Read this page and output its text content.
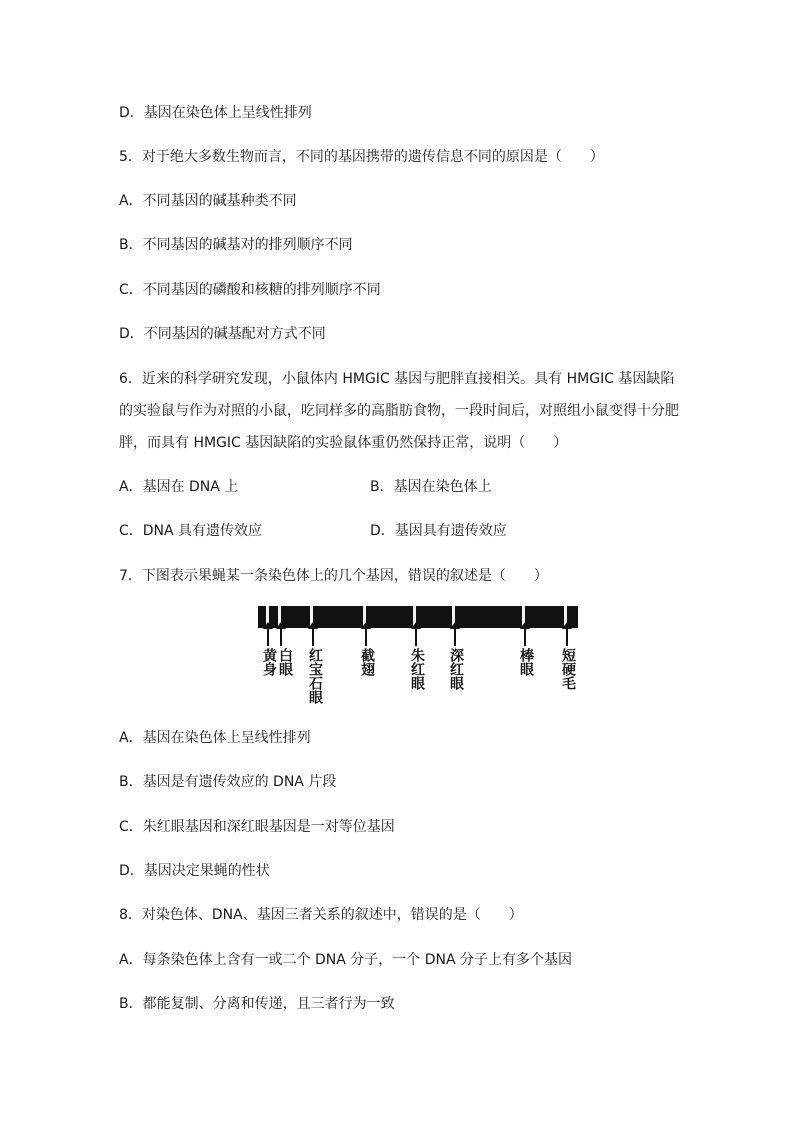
D．基因在染色体上呈线性排列
5．对于绝大多数生物而言，不同的基因携带的遗传信息不同的原因是（　　）
A．不同基因的碱基种类不同
B．不同基因的碱基对的排列顺序不同
C．不同基因的磷酸和核糖的排列顺序不同
D．不同基因的碱基配对方式不同
6．近来的科学研究发现，小鼠体内 HMGIC 基因与肥胖直接相关。具有 HMGIC 基因缺陷
的实验鼠与作为对照的小鼠，吃同样多的高脂肪食物，一段时间后，对照组小鼠变得十分肥
胖，而具有 HMGIC 基因缺陷的实验鼠体重仍然保持正常，说明（　　）
A．基因在 DNA 上	B．基因在染色体上
C．DNA 具有遗传效应	D．基因具有遗传效应
7．下图表示果蝇某一条染色体上的几个基因，错误的叙述是（　　）
黄身 白眼 红宝石眼	截翅 朱红眼 深红眼	棒眼 短硬毛
A．基因在染色体上呈线性排列
B．基因是有遗传效应的 DNA 片段
C．朱红眼基因和深红眼基因是一对等位基因
D．基因决定果蝇的性状
8．对染色体、DNA、基因三者关系的叙述中，错误的是（　　）
A．每条染色体上含有一或二个 DNA 分子，一个 DNA 分子上有多个基因
B．都能复制、分离和传递，且三者行为一致
